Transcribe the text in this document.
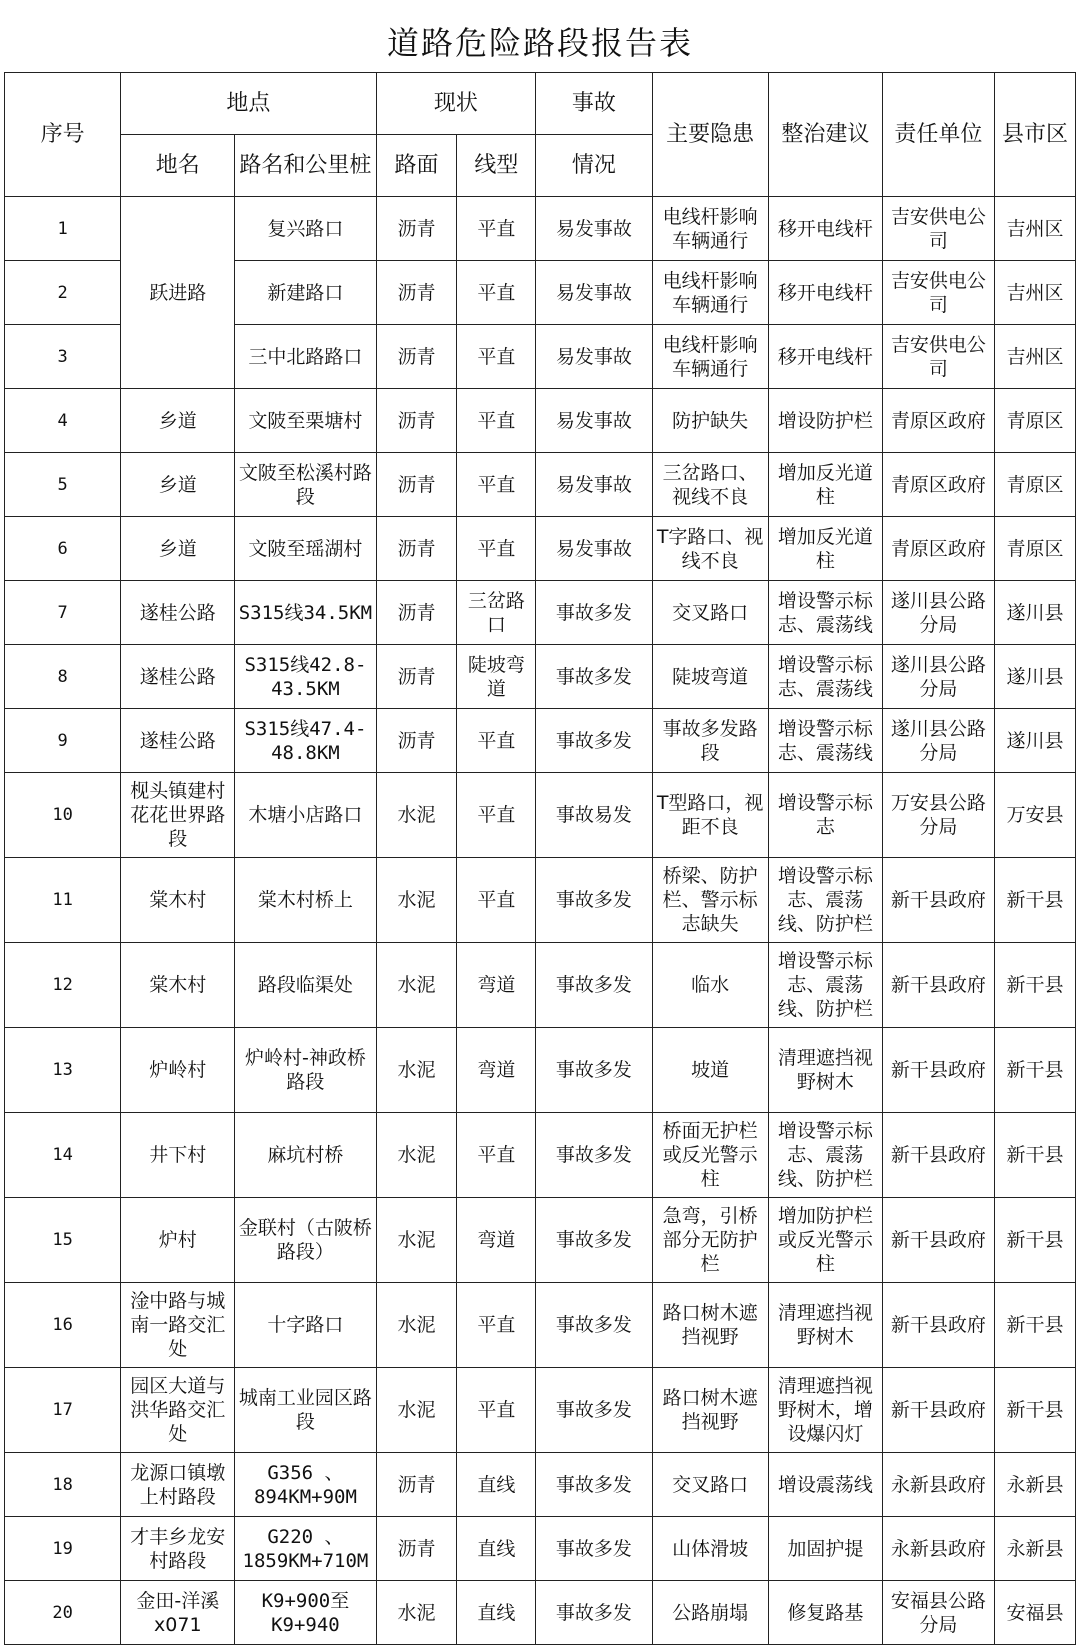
道路危险路段报告表
序号	地点		现状		事故	主要隐患	整治建议	责任单位	县市区
	地名	路名和公里桩	路面	线型	情况				
1	跃进路	复兴路口	沥青	平直	易发事故	电线杆影响车辆通行	移开电线杆	吉安供电公司	吉州区
2		新建路口	沥青	平直	易发事故	电线杆影响车辆通行	移开电线杆	吉安供电公司	吉州区
3		三中北路路口	沥青	平直	易发事故	电线杆影响车辆通行	移开电线杆	吉安供电公司	吉州区
4	乡道	文陂至栗塘村	沥青	平直	易发事故	防护缺失	增设防护栏	青原区政府	青原区
5	乡道	文陂至松溪村路段	沥青	平直	易发事故	三岔路口、视线不良	增加反光道柱	青原区政府	青原区
6	乡道	文陂至瑶湖村	沥青	平直	易发事故	T字路口、视线不良	增加反光道柱	青原区政府	青原区
7	遂桂公路	S315线34.5KM	沥青	三岔路口	事故多发	交叉路口	增设警示标志、震荡线	遂川县公路分局	遂川县
8	遂桂公路	S315线42.8-43.5KM	沥青	陡坡弯道	事故多发	陡坡弯道	增设警示标志、震荡线	遂川县公路分局	遂川县
9	遂桂公路	S315线47.4-48.8KM	沥青	平直	事故多发	事故多发路段	增设警示标志、震荡线	遂川县公路分局	遂川县
10	枧头镇建村花花世界路段	木塘小店路口	水泥	平直	事故易发	T型路口，视距不良	增设警示标志	万安县公路分局	万安县
11	棠木村	棠木村桥上	水泥	平直	事故多发	桥梁、防护栏、警示标志缺失	增设警示标志、震荡线、防护栏	新干县政府	新干县
12	棠木村	路段临渠处	水泥	弯道	事故多发	临水	增设警示标志、震荡线、防护栏	新干县政府	新干县
13	炉岭村	炉岭村-神政桥路段	水泥	弯道	事故多发	坡道	清理遮挡视野树木	新干县政府	新干县
14	井下村	麻坑村桥	水泥	平直	事故多发	桥面无护栏或反光警示柱	增设警示标志、震荡线、防护栏	新干县政府	新干县
15	炉村	金联村（古陂桥路段）	水泥	弯道	事故多发	急弯，引桥部分无防护栏	增加防护栏或反光警示柱	新干县政府	新干县
16	淦中路与城南一路交汇处	十字路口	水泥	平直	事故多发	路口树木遮挡视野	清理遮挡视野树木	新干县政府	新干县
17	园区大道与洪华路交汇处	城南工业园区路段	水泥	平直	事故多发	路口树木遮挡视野	清理遮挡视野树木，增设爆闪灯	新干县政府	新干县
18	龙源口镇墩上村路段	G356 、894KM+90M	沥青	直线	事故多发	交叉路口	增设震荡线	永新县政府	永新县
19	才丰乡龙安村路段	G220 、1859KM+710M	沥青	直线	事故多发	山体滑坡	加固护提	永新县政府	永新县
20	金田-洋溪x071	K9+900至K9+940	水泥	直线	事故多发	公路崩塌	修复路基	安福县公路分局	安福县
